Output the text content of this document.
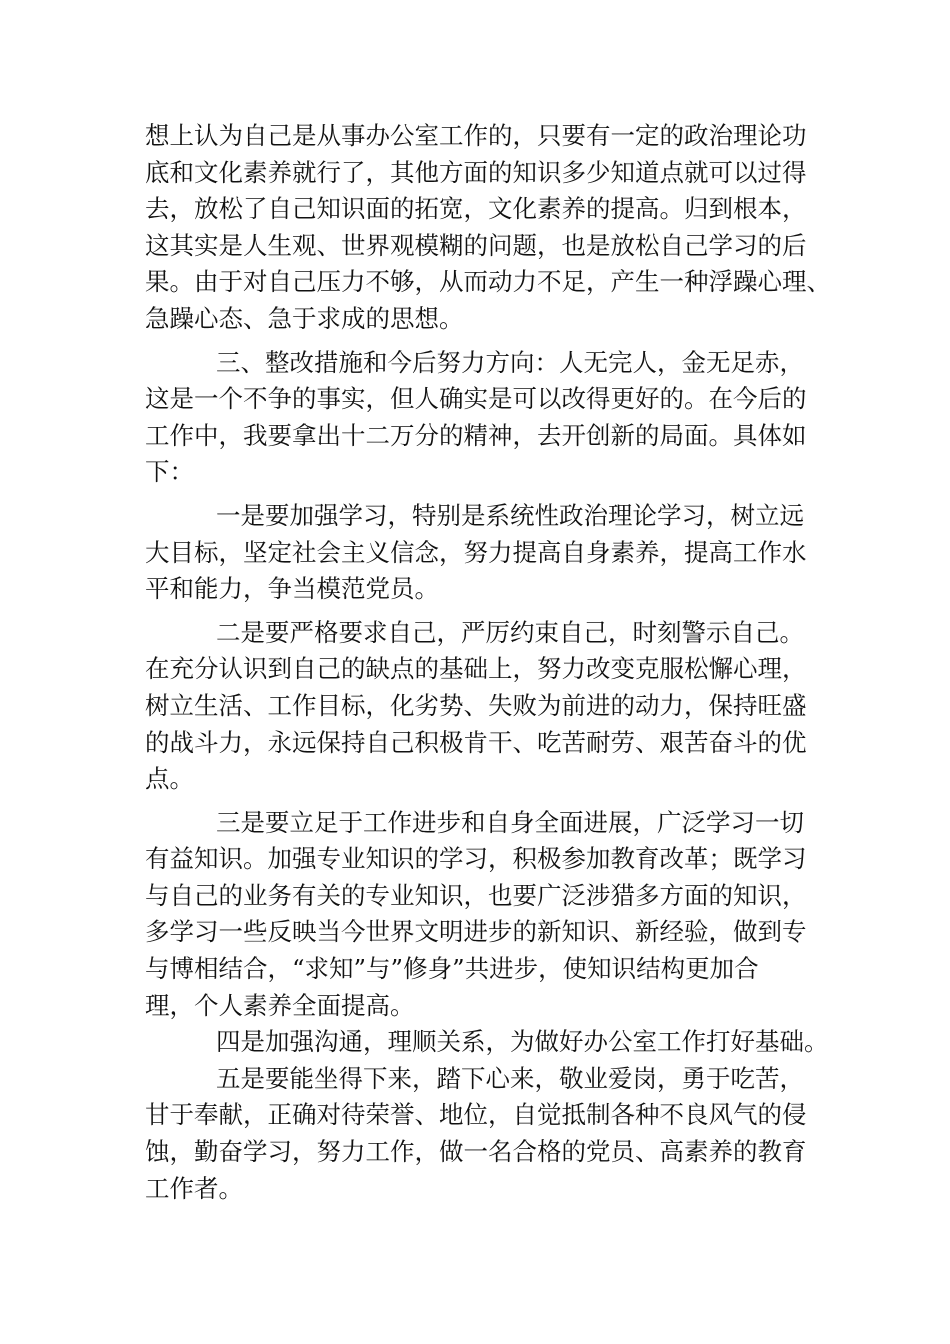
想上认为自己是从事办公室工作的，只要有一定的政治理论功
底和文化素养就行了，其他方面的知识多少知道点就可以过得
去，放松了自己知识面的拓宽，文化素养的提高。归到根本，
这其实是人生观、世界观模糊的问题，也是放松自己学习的后
果。由于对自己压力不够，从而动力不足，产生一种浮躁心理、
急躁心态、急于求成的思想。
三、整改措施和今后努力方向：人无完人，金无足赤，
这是一个不争的事实，但人确实是可以改得更好的。在今后的
工作中，我要拿出十二万分的精神，去开创新的局面。具体如
下：
一是要加强学习，特别是系统性政治理论学习，树立远
大目标，坚定社会主义信念，努力提高自身素养，提高工作水
平和能力，争当模范党员。
二是要严格要求自己，严厉约束自己，时刻警示自己。
在充分认识到自己的缺点的基础上，努力改变克服松懈心理，
树立生活、工作目标，化劣势、失败为前进的动力，保持旺盛
的战斗力，永远保持自己积极肯干、吃苦耐劳、艰苦奋斗的优
点。
三是要立足于工作进步和自身全面进展，广泛学习一切
有益知识。加强专业知识的学习，积极参加教育改革；既学习
与自己的业务有关的专业知识，也要广泛涉猎多方面的知识，
多学习一些反映当今世界文明进步的新知识、新经验，做到专
与博相结合，“求知”与”修身”共进步，使知识结构更加合
理，个人素养全面提高。
四是加强沟通，理顺关系，为做好办公室工作打好基础。
五是要能坐得下来，踏下心来，敬业爱岗，勇于吃苦，
甘于奉献，正确对待荣誉、地位，自觉抵制各种不良风气的侵
蚀，勤奋学习，努力工作，做一名合格的党员、高素养的教育
工作者。
